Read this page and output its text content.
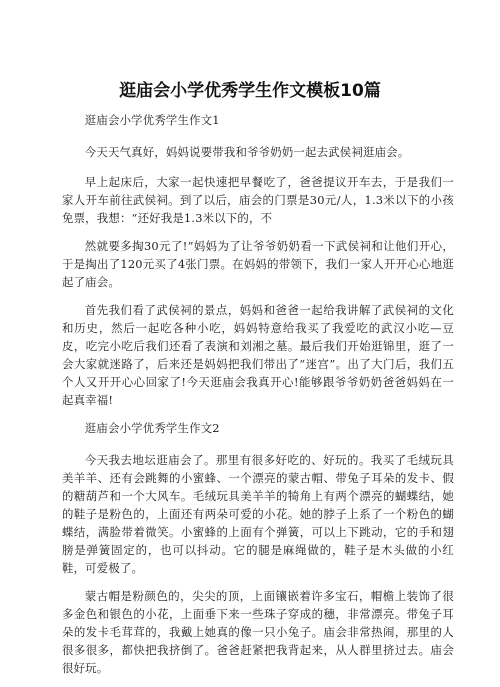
逛庙会小学优秀学生作文模板10篇

逛庙会小学优秀学生作文1

今天天气真好，妈妈说要带我和爷爷奶奶一起去武侯祠逛庙会。

早上起床后，大家一起快速把早餐吃了，爸爸提议开车去，于是我们一家人开车前往武侯祠。到了以后，庙会的门票是30元/人，1.3米以下的小孩免票，我想：“还好我是1.3米以下的，不

然就要多掏30元了!”妈妈为了让爷爷奶奶看一下武侯祠和让他们开心，于是掏出了120元买了4张门票。在妈妈的带领下，我们一家人开开心心地逛起了庙会。

首先我们看了武侯祠的景点，妈妈和爸爸一起给我讲解了武侯祠的文化和历史，然后一起吃各种小吃，妈妈特意给我买了我爱吃的武汉小吃—豆皮，吃完小吃后我们还看了表演和刘湘之墓。最后我们开始逛锦里，逛了一会大家就迷路了，后来还是妈妈把我们带出了“迷宫”。出了大门后，我们五个人又开开心心回家了!今天逛庙会我真开心!能够跟爷爷奶奶爸爸妈妈在一起真幸福!

逛庙会小学优秀学生作文2

今天我去地坛逛庙会了。那里有很多好吃的、好玩的。我买了毛绒玩具美羊羊、还有会跳舞的小蜜蜂、一个漂亮的蒙古帽、带兔子耳朵的发卡、假的糖葫芦和一个大风车。毛绒玩具美羊羊的犄角上有两个漂亮的蝴蝶结，她的鞋子是粉色的，上面还有两朵可爱的小花。她的脖子上系了一个粉色的蝴蝶结，满脸带着微笑。小蜜蜂的上面有个弹簧，可以上下跳动，它的手和翅膀是弹簧固定的，也可以抖动。它的腿是麻绳做的，鞋子是木头做的小红鞋，可爱极了。

蒙古帽是粉颜色的，尖尖的顶，上面镶嵌着许多宝石，帽檐上装饰了很多金色和银色的小花，上面垂下来一些珠子穿成的穗，非常漂亮。带兔子耳朵的发卡毛茸茸的，我戴上她真的像一只小兔子。庙会非常热闹，那里的人很多很多，都快把我挤倒了。爸爸赶紧把我背起来，从人群里挤过去。庙会很好玩。
